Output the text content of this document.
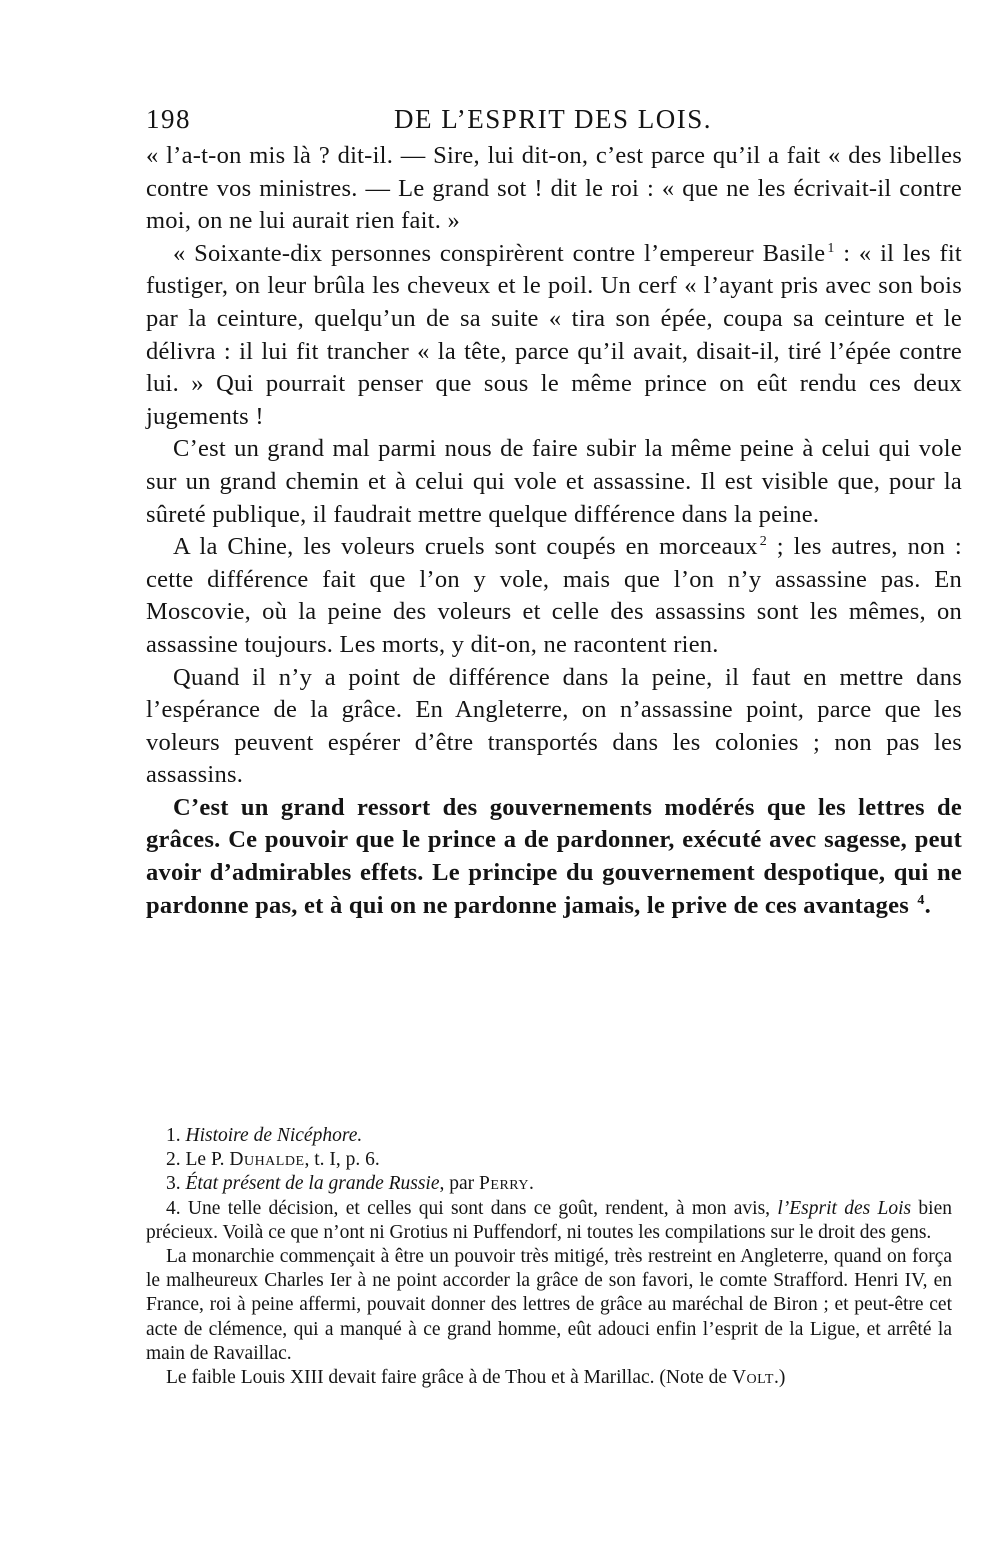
198	DE L’ESPRIT DES LOIS.

« l’a-t-on mis là ? dit-il. — Sire, lui dit-on, c’est parce qu’il a fait « des libelles contre vos ministres. — Le grand sot ! dit le roi : « que ne les écrivait-il contre moi, on ne lui aurait rien fait. »

« Soixante-dix personnes conspirèrent contre l’empereur Basile $^1$ : « il les fit fustiger, on leur brûla les cheveux et le poil. Un cerf « l’ayant pris avec son bois par la ceinture, quelqu’un de sa suite « tira son épée, coupa sa ceinture et le délivra : il lui fit trancher « la tête, parce qu’il avait, disait-il, tiré l’épée contre lui. » Qui pourrait penser que sous le même prince on eût rendu ces deux jugements !

C’est un grand mal parmi nous de faire subir la même peine à celui qui vole sur un grand chemin et à celui qui vole et assassine. Il est visible que, pour la sûreté publique, il faudrait mettre quelque différence dans la peine.

A la Chine, les voleurs cruels sont coupés en morceaux $^2$ ; les autres, non : cette différence fait que l’on y vole, mais que l’on n’y assassine pas. En Moscovie, où la peine des voleurs et celle des assassins sont les mêmes, on assassine toujours. Les morts, y dit-on, ne racontent rien.

Quand il n’y a point de différence dans la peine, il faut en mettre dans l’espérance de la grâce. En Angleterre, on n’assassine point, parce que les voleurs peuvent espérer d’être transportés dans les colonies ; non pas les assassins.

C’est un grand ressort des gouvernements modérés que les lettres de grâces. Ce pouvoir que le prince a de pardonner, exécuté avec sagesse, peut avoir d’admirables effets. Le principe du gouvernement despotique, qui ne pardonne pas, et à qui on ne pardonne jamais, le prive de ces avantages $^4$.

1. Histoire de Nicéphore.

2. Le P. Duhalde, t. I, p. 6.

3. État présent de la grande Russie, par Perry.

4. Une telle décision, et celles qui sont dans ce goût, rendent, à mon avis, l’Esprit des Lois bien précieux. Voilà ce que n’ont ni Grotius ni Puffendorf, ni toutes les compilations sur le droit des gens.

La monarchie commençait à être un pouvoir très mitigé, très restreint en Angleterre, quand on força le malheureux Charles Ier à ne point accorder la grâce de son favori, le comte Strafford. Henri IV, en France, roi à peine affermi, pouvait donner des lettres de grâce au maréchal de Biron ; et peut-être cet acte de clémence, qui a manqué à ce grand homme, eût adouci enfin l’esprit de la Ligue, et arrêté la main de Ravaillac.

Le faible Louis XIII devait faire grâce à de Thou et à Marillac. (Note de Volt.)
